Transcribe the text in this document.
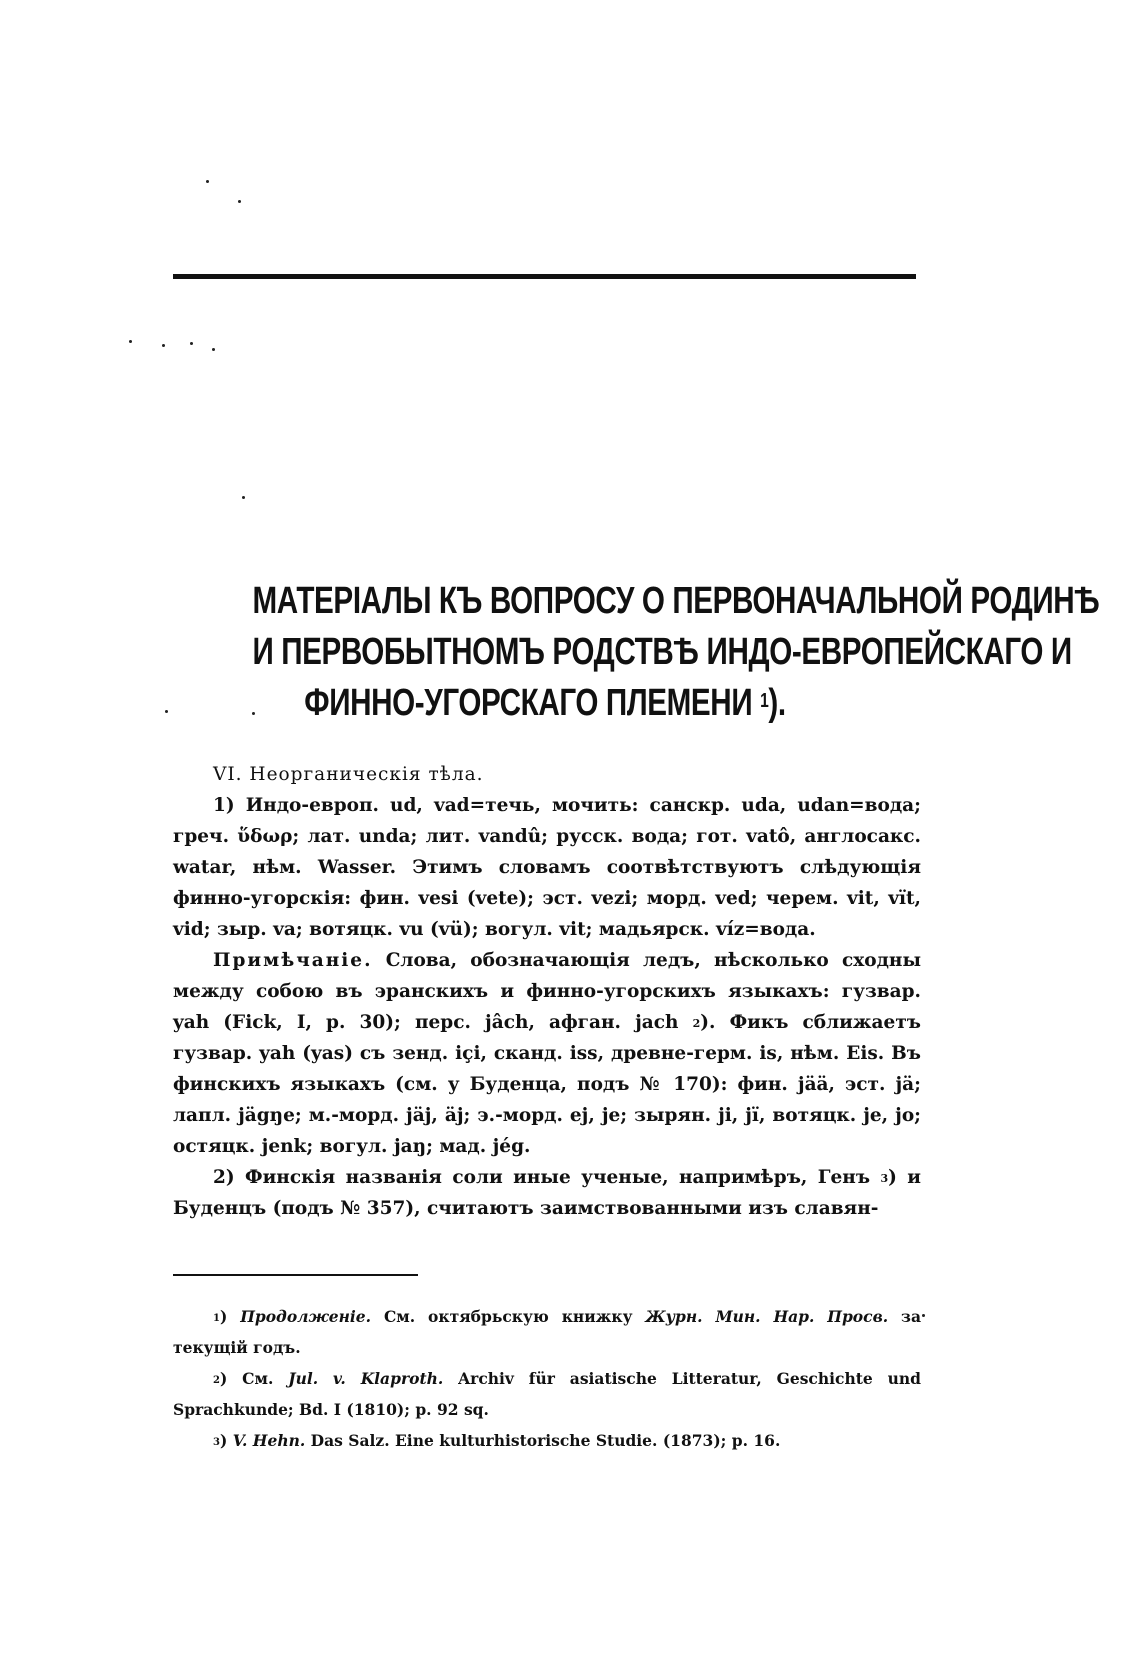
МАТЕРІАЛЫ КЪ ВОПРОСУ О ПЕРВОНАЧАЛЬНОЙ РОДИНѢ
И ПЕРВОБЫТНОМЪ РОДСТВѢ ИНДО-ЕВРОПЕЙСКАГО И
ФИННО-УГОРСКАГО ПЛЕМЕНИ $^1$).

VI. Неорганическія тѣла.

1) Индо-европ. ud, vad=течь, мочить: санскр. uda, udan=вода; греч. ὕδωρ; лат. unda; лит. vandû; русск. вода; гот. vatô, англосакс. watar, нѣм. Wasser. Этимъ словамъ соотвѣтствуютъ слѣдующія финно-угорскія: фин. vesi (vete); эст. vezi; морд. ved; черем. vit, vït, vid; зыр. va; вотяцк. vu (vü); вогул. vit; мадьярск. víz=вода.

Примѣчаніе. Слова, обозначающія ледъ, нѣсколько сходны между собою въ эранскихъ и финно-угорскихъ языкахъ: гузвар. yah (Fick, I, p. 30); перс. jâch, афган. jach $^2$). Фикъ сближаетъ гузвар. yah (yas) съ зенд. içi, сканд. iss, древне-герм. is, нѣм. Eis. Въ финскихъ языкахъ (см. у Буденца, подъ № 170): фин. jää, эст. jä; лапл. jägŋe; м.-морд. jäj, äj; э.-морд. ej, je; зырян. ji, jï, вотяцк. je, jo; остяцк. jenk; вогул. jaŋ; мад. jég.

2) Финскія названія соли иные ученые, напримѣръ, Генъ $^3$) и Буденцъ (подъ № 357), считаютъ заимствованными изъ славян-

$^1$) Продолженіе. См. октябрьскую книжку Журн. Мин. Нар. Просв. за текущій годъ.

$^2$) См. Jul. v. Klaproth. Archiv für asiatische Litteratur, Geschichte und Sprachkunde; Bd. I (1810); p. 92 sq.

$^3$) V. Hehn. Das Salz. Eine kulturhistorische Studie. (1873); p. 16.
